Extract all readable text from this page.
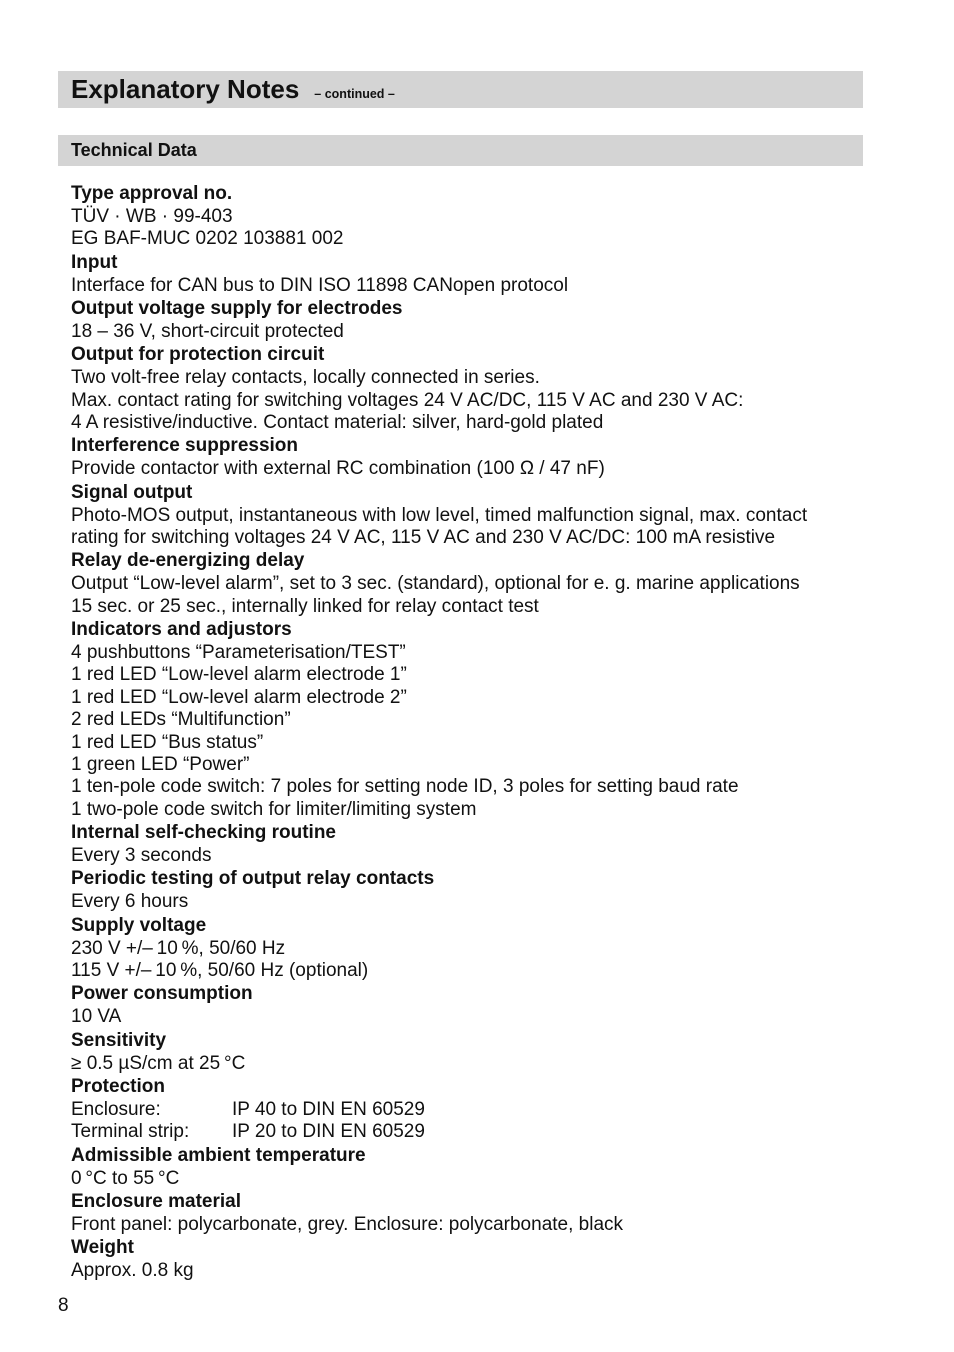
Explanatory Notes – continued –
Technical Data
Type approval no.
TÜV · WB · 99-403
EG BAF-MUC 0202 103881 002
Input
Interface for CAN bus to DIN ISO 11898 CANopen protocol
Output voltage supply for electrodes
18 – 36 V, short-circuit protected
Output for protection circuit
Two volt-free relay contacts, locally connected in series.
Max. contact rating for switching voltages 24 V AC/DC, 115 V AC and 230 V AC:
4 A resistive/inductive. Contact material: silver, hard-gold plated
Interference suppression
Provide contactor with external RC combination (100 Ω / 47 nF)
Signal output
Photo-MOS output, instantaneous with low level, timed malfunction signal, max. contact
rating for switching voltages 24 V AC, 115 V AC and 230 V AC/DC: 100 mA resistive
Relay de-energizing delay
Output “Low-level alarm”, set to 3 sec. (standard), optional for e. g. marine applications
15 sec. or 25 sec., internally linked for relay contact test
Indicators and adjustors
4 pushbuttons “Parameterisation/TEST”
1 red LED “Low-level alarm electrode 1”
1 red LED “Low-level alarm electrode 2”
2 red LEDs “Multifunction”
1 red LED “Bus status”
1 green LED “Power”
1 ten-pole code switch: 7 poles for setting node ID, 3 poles for setting baud rate
1 two-pole code switch for limiter/limiting system
Internal self-checking routine
Every 3 seconds
Periodic testing of output relay contacts
Every 6 hours
Supply voltage
230 V +/– 10 %, 50/60 Hz
115 V +/– 10 %, 50/60 Hz (optional)
Power consumption
10 VA
Sensitivity
≥ 0.5 µS/cm at 25 °C
Protection
Enclosure:	IP 40 to DIN EN 60529
Terminal strip: IP 20 to DIN EN 60529
Admissible ambient temperature
0 °C to 55 °C
Enclosure material
Front panel: polycarbonate, grey. Enclosure: polycarbonate, black
Weight
Approx. 0.8 kg
8
